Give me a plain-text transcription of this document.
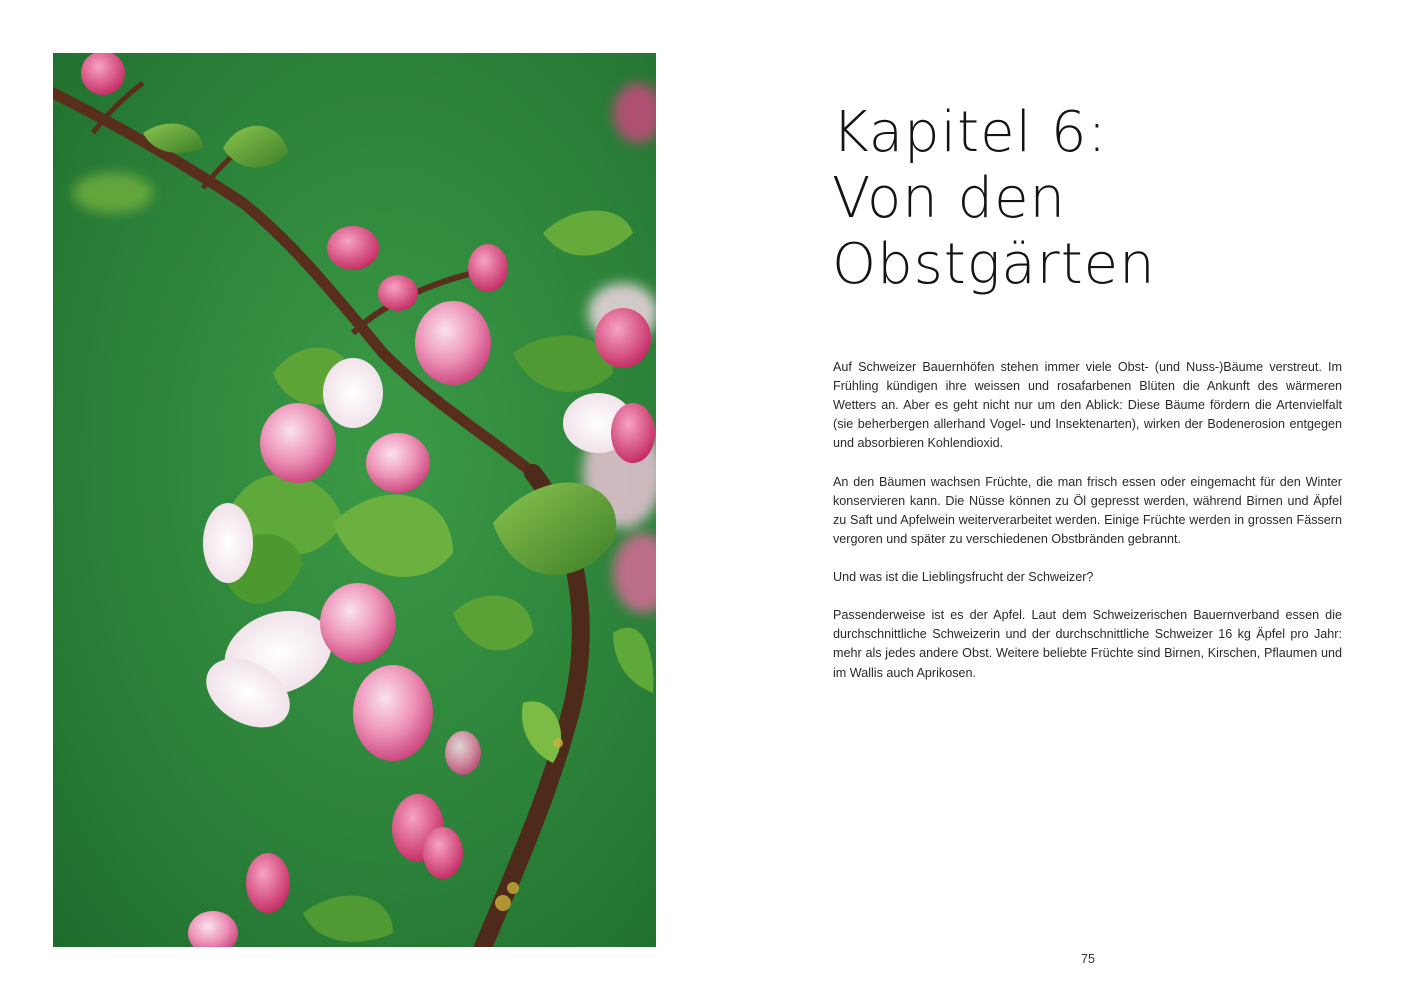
Kapitel 6:
Von den
Obstgärten

Auf Schweizer Bauernhöfen stehen immer viele Obst- (und Nuss-)Bäume verstreut. Im Frühling kündigen ihre weissen und rosafarbenen Blüten die Ankunft des wärmeren Wetters an. Aber es geht nicht nur um den Ablick: Diese Bäume fördern die Artenvielfalt (sie beherbergen allerhand Vogel- und Insektenarten), wirken der Bodenerosion entgegen und absorbieren Kohlendioxid.

An den Bäumen wachsen Früchte, die man frisch essen oder eingemacht für den Winter konservieren kann. Die Nüsse können zu Öl gepresst werden, während Birnen und Äpfel zu Saft und Apfelwein weiterverarbeitet werden. Einige Früchte werden in grossen Fässern vergoren und später zu verschiedenen Obstbränden gebrannt.

Und was ist die Lieblingsfrucht der Schweizer?

Passenderweise ist es der Apfel. Laut dem Schweizerischen Bauernverband essen die durchschnittliche Schweizerin und der durchschnittliche Schweizer 16 kg Äpfel pro Jahr: mehr als jedes andere Obst. Weitere beliebte Früchte sind Birnen, Kirschen, Pflaumen und im Wallis auch Aprikosen.

75
